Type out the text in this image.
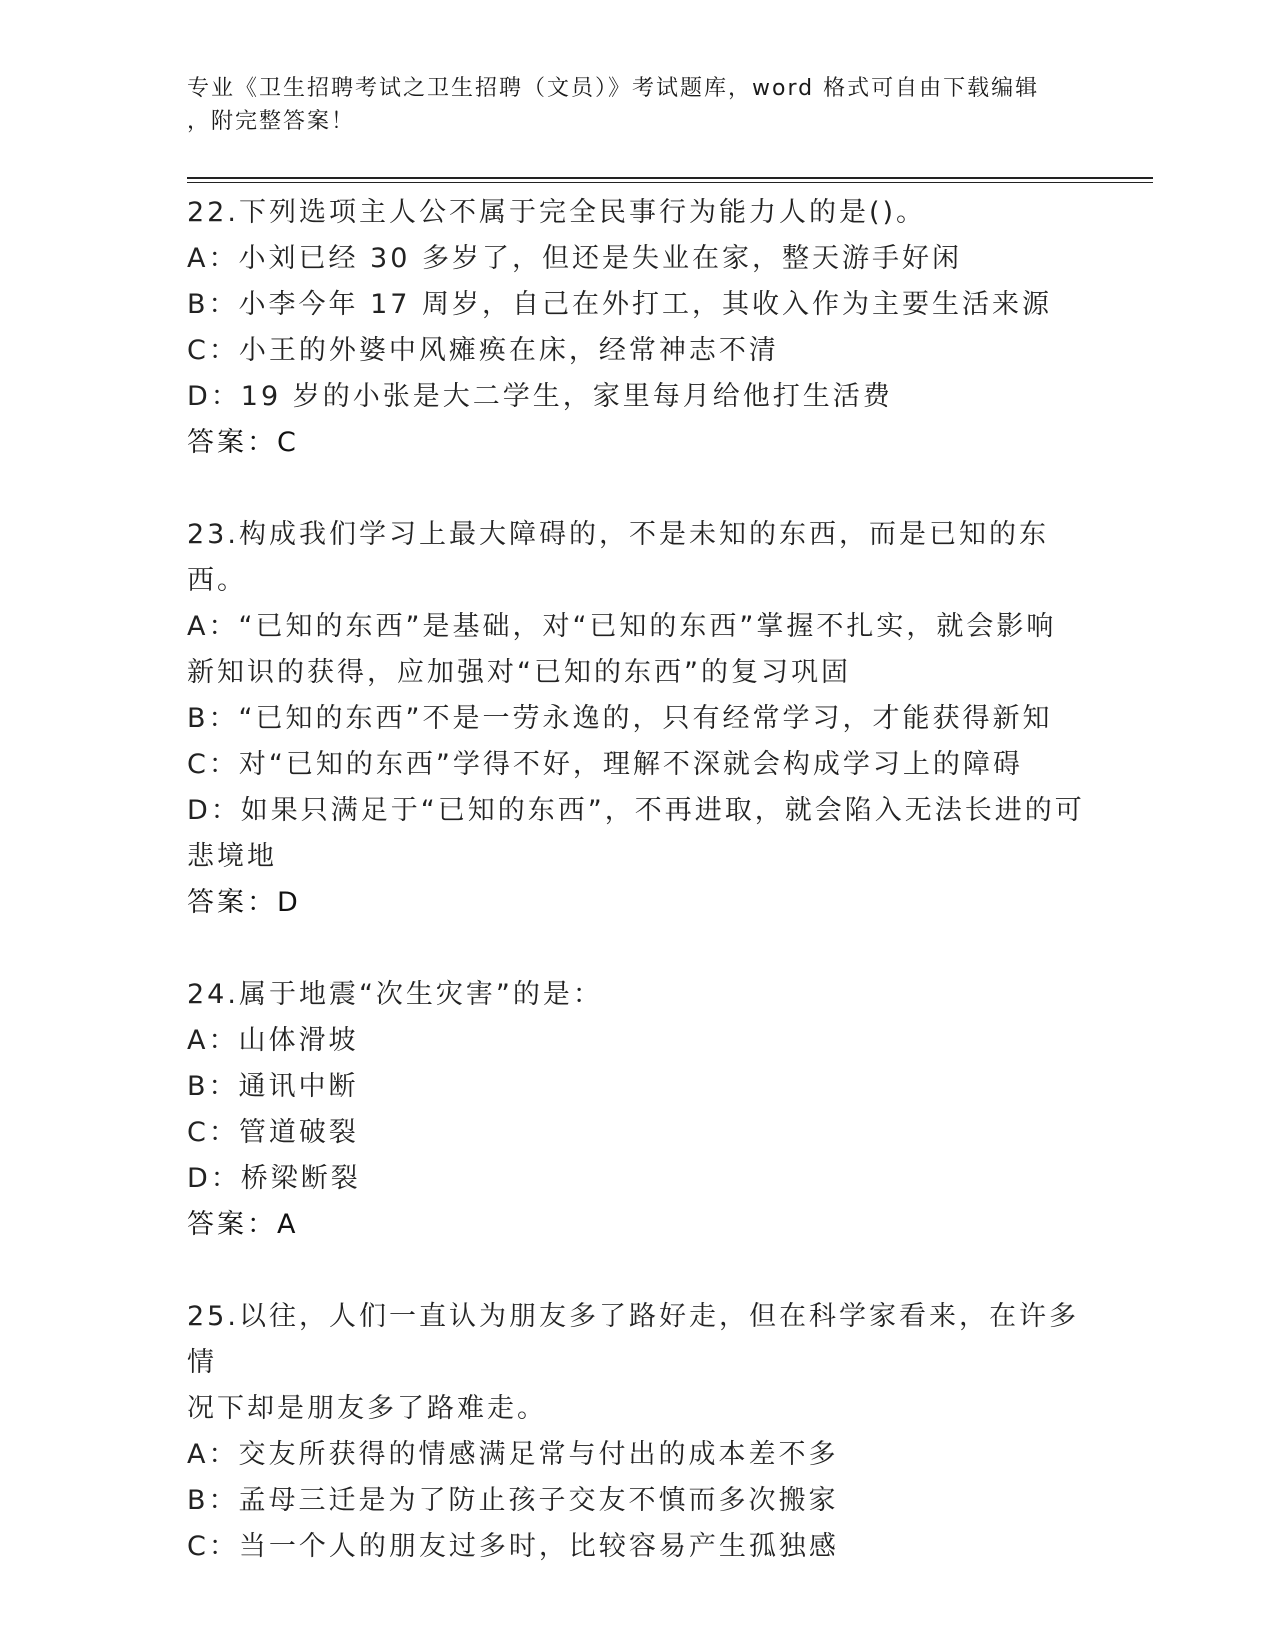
专业《卫生招聘考试之卫生招聘（文员）》考试题库，word 格式可自由下载编辑
，附完整答案！
22.下列选项主人公不属于完全民事行为能力人的是()。
A：小刘已经 30 多岁了，但还是失业在家，整天游手好闲
B：小李今年 17 周岁，自己在外打工，其收入作为主要生活来源
C：小王的外婆中风瘫痪在床，经常神志不清
D：19 岁的小张是大二学生，家里每月给他打生活费
答案：C
23.构成我们学习上最大障碍的，不是未知的东西，而是已知的东西。
A：“已知的东西”是基础，对“已知的东西”掌握不扎实，就会影响
新知识的获得，应加强对“已知的东西”的复习巩固
B：“已知的东西”不是一劳永逸的，只有经常学习，才能获得新知
C：对“已知的东西”学得不好，理解不深就会构成学习上的障碍
D：如果只满足于“已知的东西”，不再进取，就会陷入无法长进的可
悲境地
答案：D
24.属于地震“次生灾害”的是：
A：山体滑坡
B：通讯中断
C：管道破裂
D：桥梁断裂
答案：A
25.以往，人们一直认为朋友多了路好走，但在科学家看来，在许多情
况下却是朋友多了路难走。
A：交友所获得的情感满足常与付出的成本差不多
B：孟母三迁是为了防止孩子交友不慎而多次搬家
C：当一个人的朋友过多时，比较容易产生孤独感
